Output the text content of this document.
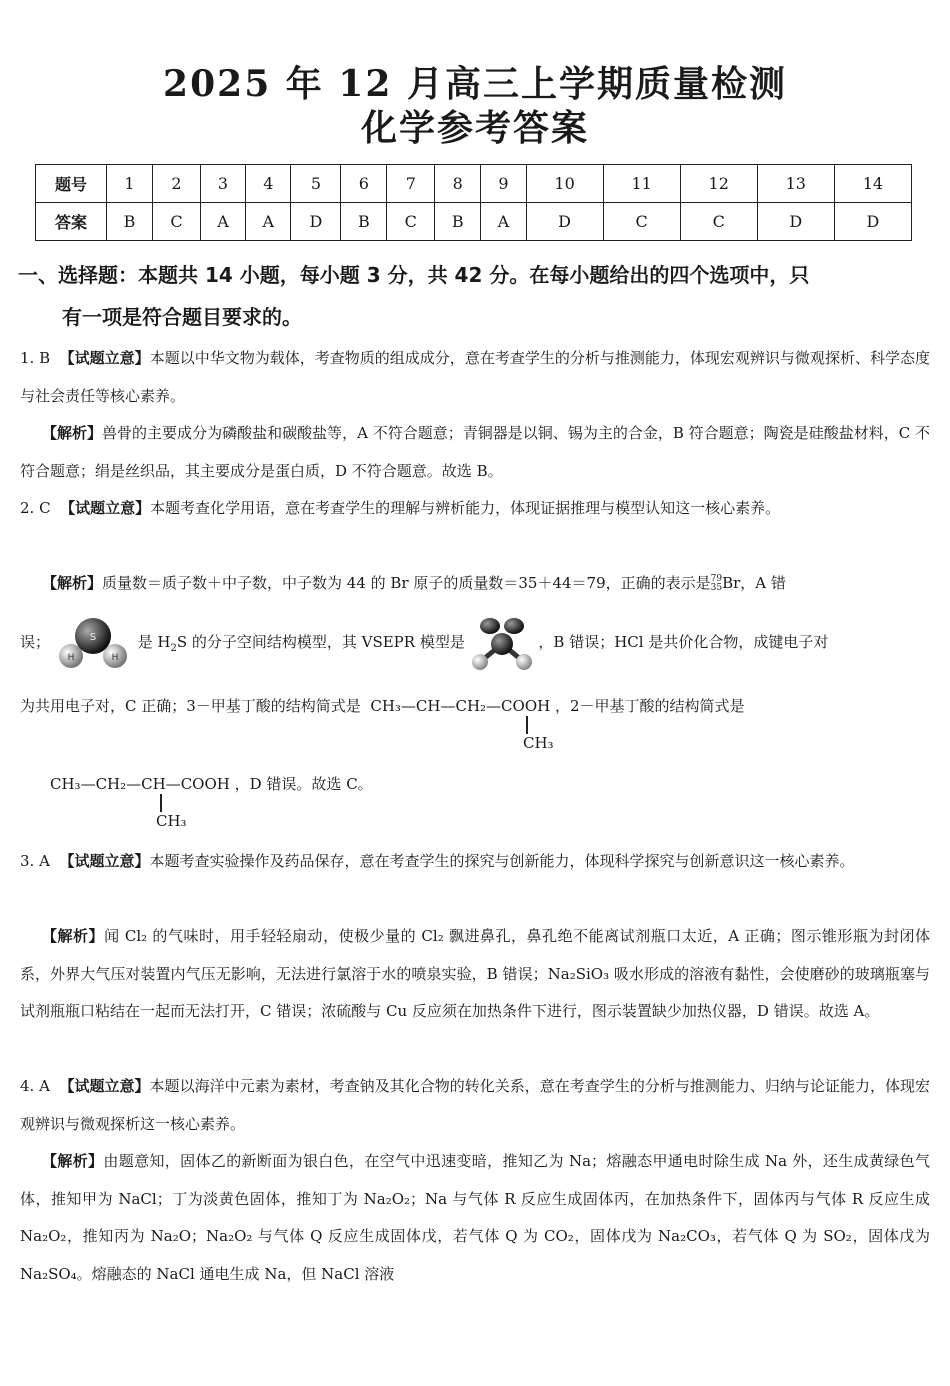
2025 年 12 月高三上学期质量检测
化学参考答案
题号	1	2	3	4	5	6	7	8	9	10	11	12	13	14
答案	B	C	A	A	D	B	C	B	A	D	C	C	D	D
一、选择题：本题共 14 小题，每小题 3 分，共 42 分。在每小题给出的四个选项中，只
有一项是符合题目要求的。
1. B 【试题立意】本题以中华文物为载体，考查物质的组成成分，意在考查学生的分析与推测能力，体现宏观辨识与微观探析、科学态度与社会责任等核心素养。
【解析】兽骨的主要成分为磷酸盐和碳酸盐等，A 不符合题意；青铜器是以铜、锡为主的合金，B 符合题意；陶瓷是硅酸盐材料，C 不符合题意；绢是丝织品，其主要成分是蛋白质，D 不符合题意。故选 B。
2. C 【试题立意】本题考查化学用语，意在考查学生的理解与辨析能力，体现证据推理与模型认知这一核心素养。
【解析】质量数＝质子数＋中子数，中子数为 44 的 Br 原子的质量数＝35＋44＝79，正确的表示是79
35Br，A 错
误；	S
H	H
是 $H_2S$ 的分子空间结构模型，其 VSEPR 模型是	，B 错误；HCl 是共价化合物，成键电子对
为共用电子对，C 正确；3－甲基丁酸的结构简式是 CH₃—CH—CH₂—COOH ，2－甲基丁酸的结构简式是
CH₃
CH₃—CH₂—CH—COOH ，D 错误。故选 C。
CH₃
3. A 【试题立意】本题考查实验操作及药品保存，意在考查学生的探究与创新能力，体现科学探究与创新意识这一核心素养。
【解析】闻 Cl₂ 的气味时，用手轻轻扇动，使极少量的 Cl₂ 飘进鼻孔，鼻孔绝不能离试剂瓶口太近，A 正确；图示锥形瓶为封闭体系，外界大气压对装置内气压无影响，无法进行氯溶于水的喷泉实验，B 错误；Na₂SiO₃ 吸水形成的溶液有黏性，会使磨砂的玻璃瓶塞与试剂瓶瓶口粘结在一起而无法打开，C 错误；浓硫酸与 Cu 反应须在加热条件下进行，图示装置缺少加热仪器，D 错误。故选 A。
4. A 【试题立意】本题以海洋中元素为素材，考查钠及其化合物的转化关系，意在考查学生的分析与推测能力、归纳与论证能力，体现宏观辨识与微观探析这一核心素养。
【解析】由题意知，固体乙的新断面为银白色，在空气中迅速变暗，推知乙为 Na；熔融态甲通电时除生成 Na 外，还生成黄绿色气体，推知甲为 NaCl；丁为淡黄色固体，推知丁为 Na₂O₂；Na 与气体 R 反应生成固体丙，在加热条件下，固体丙与气体 R 反应生成 Na₂O₂，推知丙为 Na₂O；Na₂O₂ 与气体 Q 反应生成固体戊，若气体 Q 为 CO₂，固体戊为 Na₂CO₃，若气体 Q 为 SO₂，固体戊为 Na₂SO₄。熔融态的 NaCl 通电生成 Na，但 NaCl 溶液
